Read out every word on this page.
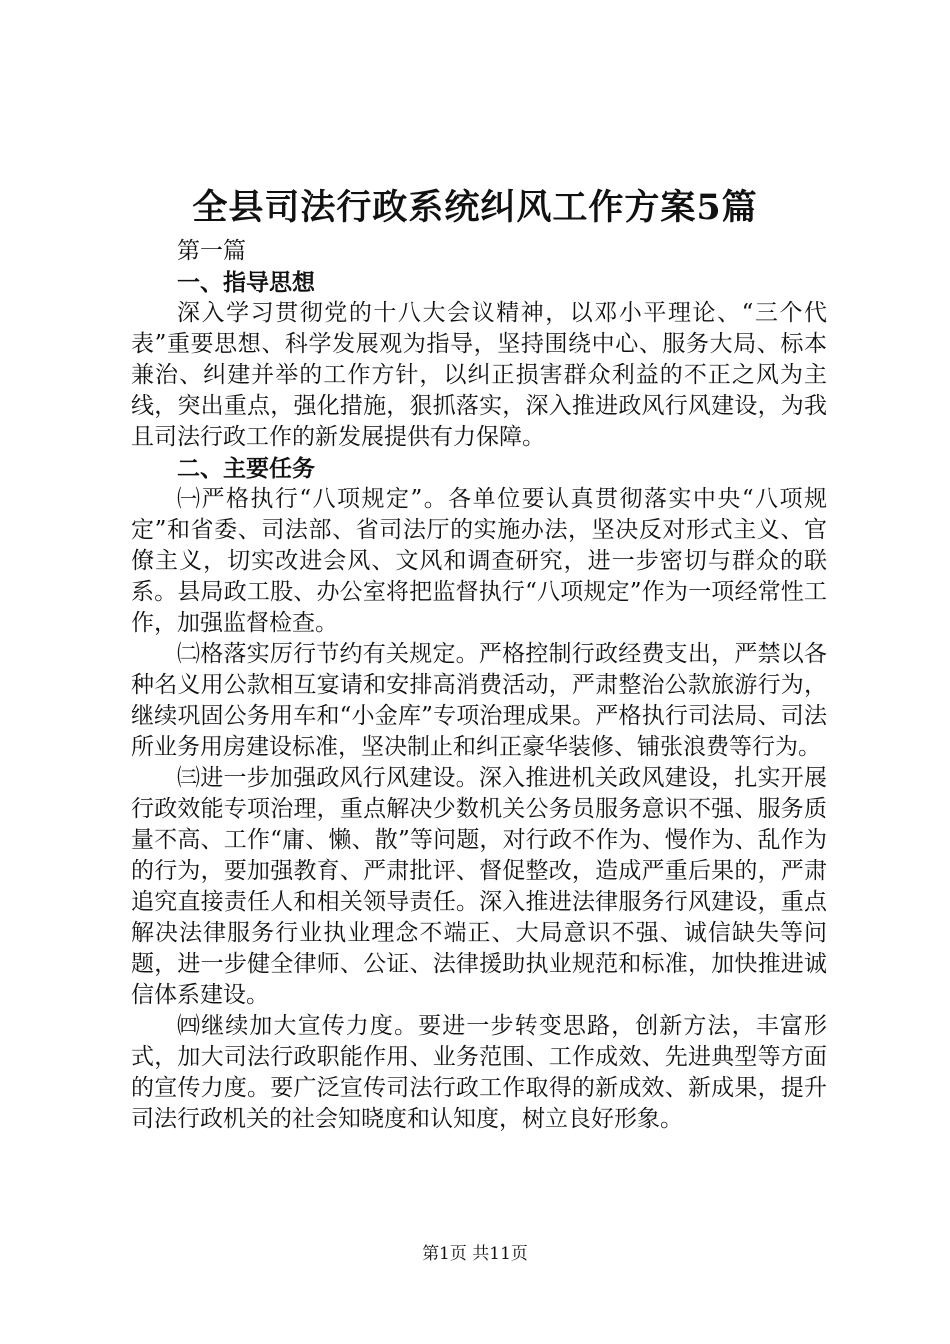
全县司法行政系统纠风工作方案5篇

第一篇

一、指导思想

深入学习贯彻党的十八大会议精神，以邓小平理论、“三个代表”重要思想、科学发展观为指导，坚持围绕中心、服务大局、标本兼治、纠建并举的工作方针，以纠正损害群众利益的不正之风为主线，突出重点，强化措施，狠抓落实，深入推进政风行风建设，为我且司法行政工作的新发展提供有力保障。

二、主要任务

㈠严格执行“八项规定”。各单位要认真贯彻落实中央“八项规定”和省委、司法部、省司法厅的实施办法，坚决反对形式主义、官僚主义，切实改进会风、文风和调查研究，进一步密切与群众的联系。县局政工股、办公室将把监督执行“八项规定”作为一项经常性工作，加强监督检查。

㈡格落实厉行节约有关规定。严格控制行政经费支出，严禁以各种名义用公款相互宴请和安排高消费活动，严肃整治公款旅游行为，继续巩固公务用车和“小金库”专项治理成果。严格执行司法局、司法所业务用房建设标准，坚决制止和纠正豪华装修、铺张浪费等行为。

㈢进一步加强政风行风建设。深入推进机关政风建设，扎实开展行政效能专项治理，重点解决少数机关公务员服务意识不强、服务质量不高、工作“庸、懒、散”等问题，对行政不作为、慢作为、乱作为的行为，要加强教育、严肃批评、督促整改，造成严重后果的，严肃追究直接责任人和相关领导责任。深入推进法律服务行风建设，重点解决法律服务行业执业理念不端正、大局意识不强、诚信缺失等问题，进一步健全律师、公证、法律援助执业规范和标准，加快推进诚信体系建设。

㈣继续加大宣传力度。要进一步转变思路，创新方法，丰富形式，加大司法行政职能作用、业务范围、工作成效、先进典型等方面的宣传力度。要广泛宣传司法行政工作取得的新成效、新成果，提升司法行政机关的社会知晓度和认知度，树立良好形象。

第1页 共11页
